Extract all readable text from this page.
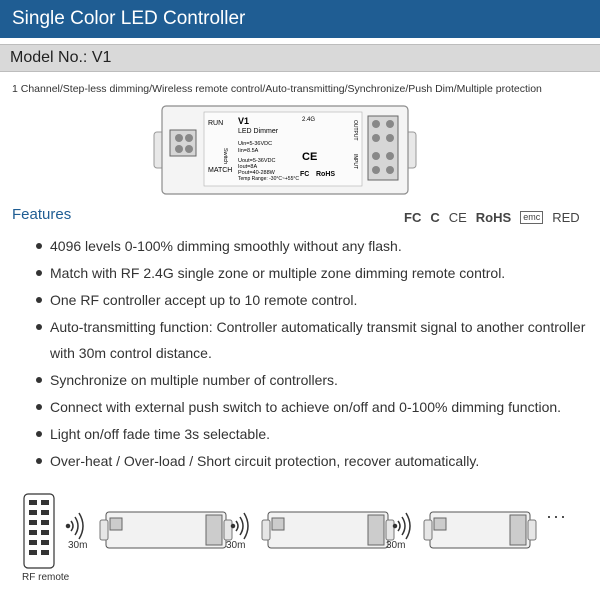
Single Color LED Controller
Model No.: V1
1 Channel/Step-less dimming/Wireless remote control/Auto-transmitting/Synchronize/Push Dim/Multiple protection
RUN
MATCH
Switch
V1
LED Dimmer
Uin=5-36VDC
Iin=8.5A
Uout=5-36VDC
Iout=8A
Pout=40-288W
Temp Range: -30°C~+55°C
2.4G
CE
FC RoHS
OUTPUT
INPUT
Features	FC C CE RoHS	emc RED
4096 levels 0-100% dimming smoothly without any flash.
Match with RF 2.4G single zone or multiple zone dimming remote control.
One RF controller accept up to 10 remote control.
Auto-transmitting function: Controller automatically transmit signal to another controller
with 30m control distance.
Synchronize on multiple number of controllers.
Connect with external push switch to achieve on/off and 0-100% dimming function.
Light on/off fade time 3s selectable.
Over-heat / Over-load / Short circuit protection, recover automatically.
30m	30m	30m
···
RF remote
